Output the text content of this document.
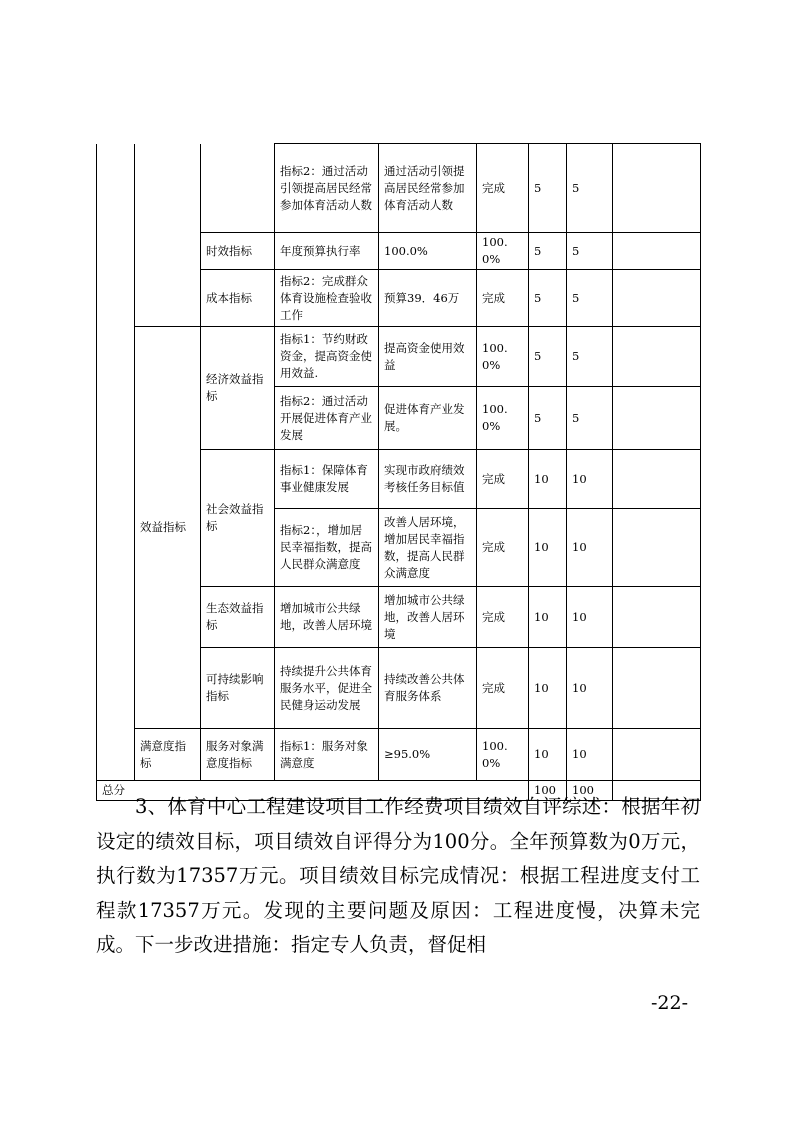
			指标2：通过活动引领提高居民经常参加体育活动人数	通过活动引领提高居民经常参加体育活动人数	完成	5	5	
		时效指标	年度预算执行率	100.0%	100.0%	5	5	
		成本指标	指标2：完成群众体育设施检查验收工作	预算39．46万	完成	5	5	
	效益指标	经济效益指标	指标1：节约财政资金，提高资金使用效益.	提高资金使用效益	100.0%	5	5	
			指标2：通过活动开展促进体育产业发展	促进体育产业发展。	100.0%	5	5	
		社会效益指标	指标1：保障体育事业健康发展	实现市政府绩效考核任务目标值	完成	10	10	
			指标2：，增加居民幸福指数，提高人民群众满意度	改善人居环境，增加居民幸福指数，提高人民群众满意度	完成	10	10	
		生态效益指标	增加城市公共绿地，改善人居环境	增加城市公共绿地，改善人居环境	完成	10	10	
		可持续影响指标	持续提升公共体育服务水平，促进全民健身运动发展	持续改善公共体育服务体系	完成	10	10	
	满意度指标	服务对象满意度指标	指标1：服务对象满意度	≥95.0%	100.0%	10	10	
总分						100	100	

3、体育中心工程建设项目工作经费项目绩效自评综述：根据年初设定的绩效目标，项目绩效自评得分为100分。全年预算数为0万元，执行数为17357万元。项目绩效目标完成情况：根据工程进度支付工程款17357万元。发现的主要问题及原因：工程进度慢，决算未完成。下一步改进措施：指定专人负责，督促相

-22-
